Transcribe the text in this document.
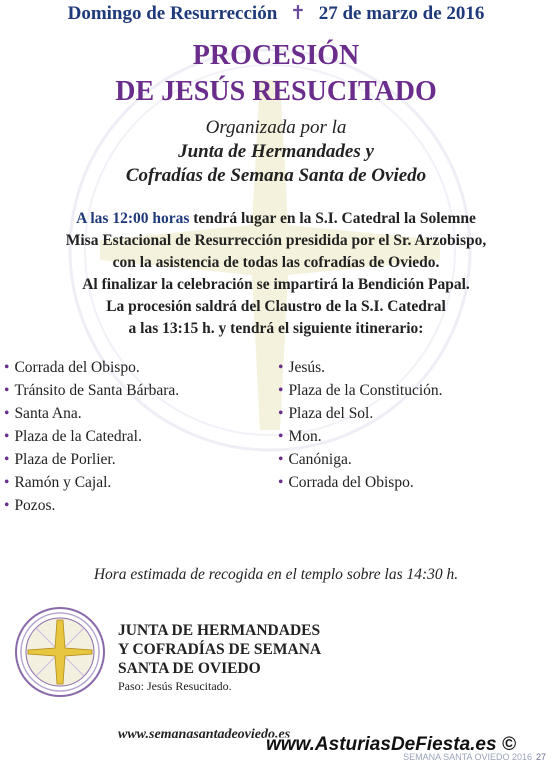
Domingo de Resurrección ✝ 27 de marzo de 2016
PROCESIÓN
DE JESÚS RESUCITADO
Organizada por la
Junta de Hermandades y
Cofradías de Semana Santa de Oviedo
A las 12:00 horas tendrá lugar en la S.I. Catedral la Solemne
Misa Estacional de Resurrección presidida por el Sr. Arzobispo,
con la asistencia de todas las cofradías de Oviedo.
Al finalizar la celebración se impartirá la Bendición Papal.
La procesión saldrá del Claustro de la S.I. Catedral
a las 13:15 h. y tendrá el siguiente itinerario:
• Corrada del Obispo.
• Tránsito de Santa Bárbara.
• Santa Ana.
• Plaza de la Catedral.
• Plaza de Porlier.
• Ramón y Cajal.
• Pozos.
• Jesús.
• Plaza de la Constitución.
• Plaza del Sol.
• Mon.
• Canóniga.
• Corrada del Obispo.
Hora estimada de recogida en el templo sobre las 14:30 h.
JUNTA DE HERMANDADES
Y COFRADÍAS DE SEMANA
SANTA DE OVIEDO
Paso: Jesús Resucitado.
www.semanasantadeoviedo.es
SEMANA SANTA OVIEDO 2016 27
www.AsturiasDeFiesta.es ©
